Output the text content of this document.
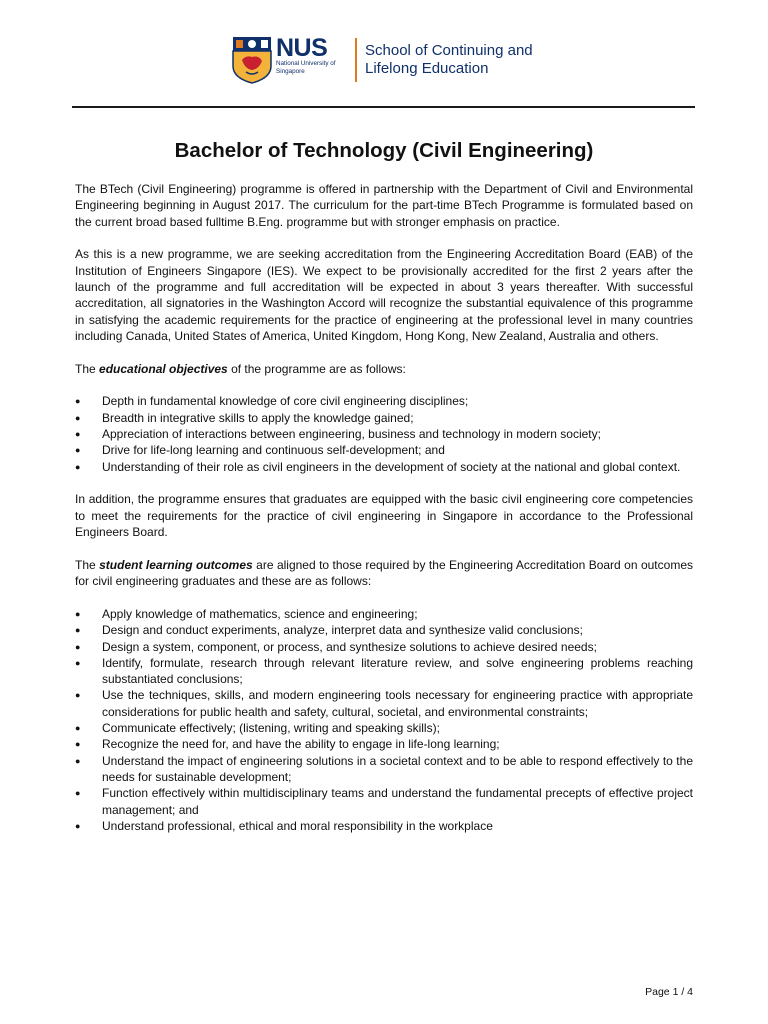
NUS
National University of Singapore
School of Continuing and Lifelong Education
Bachelor of Technology (Civil Engineering)

The BTech (Civil Engineering) programme is offered in partnership with the Department of Civil and Environmental Engineering beginning in August 2017. The curriculum for the part-time BTech Programme is formulated based on the current broad based fulltime B.Eng. programme but with stronger emphasis on practice.

As this is a new programme, we are seeking accreditation from the Engineering Accreditation Board (EAB) of the Institution of Engineers Singapore (IES). We expect to be provisionally accredited for the first 2 years after the launch of the programme and full accreditation will be expected in about 3 years thereafter. With successful accreditation, all signatories in the Washington Accord will recognize the substantial equivalence of this programme in satisfying the academic requirements for the practice of engineering at the professional level in many countries including Canada, United States of America, United Kingdom, Hong Kong, New Zealand, Australia and others.

The educational objectives of the programme are as follows:

●	Depth in fundamental knowledge of core civil engineering disciplines;
●	Breadth in integrative skills to apply the knowledge gained;
●	Appreciation of interactions between engineering, business and technology in modern society;
●	Drive for life-long learning and continuous self-development; and
●	Understanding of their role as civil engineers in the development of society at the national and global context.

In addition, the programme ensures that graduates are equipped with the basic civil engineering core competencies to meet the requirements for the practice of civil engineering in Singapore in accordance to the Professional Engineers Board.

The student learning outcomes are aligned to those required by the Engineering Accreditation Board on outcomes for civil engineering graduates and these are as follows:

●	Apply knowledge of mathematics, science and engineering;
●	Design and conduct experiments, analyze, interpret data and synthesize valid conclusions;
●	Design a system, component, or process, and synthesize solutions to achieve desired needs;
●	Identify, formulate, research through relevant literature review, and solve engineering problems reaching substantiated conclusions;
●	Use the techniques, skills, and modern engineering tools necessary for engineering practice with appropriate considerations for public health and safety, cultural, societal, and environmental constraints;
●	Communicate effectively; (listening, writing and speaking skills);
●	Recognize the need for, and have the ability to engage in life-long learning;
●	Understand the impact of engineering solutions in a societal context and to be able to respond effectively to the needs for sustainable development;
●	Function effectively within multidisciplinary teams and understand the fundamental precepts of effective project management; and
●	Understand professional, ethical and moral responsibility in the workplace
Page 1 / 4
